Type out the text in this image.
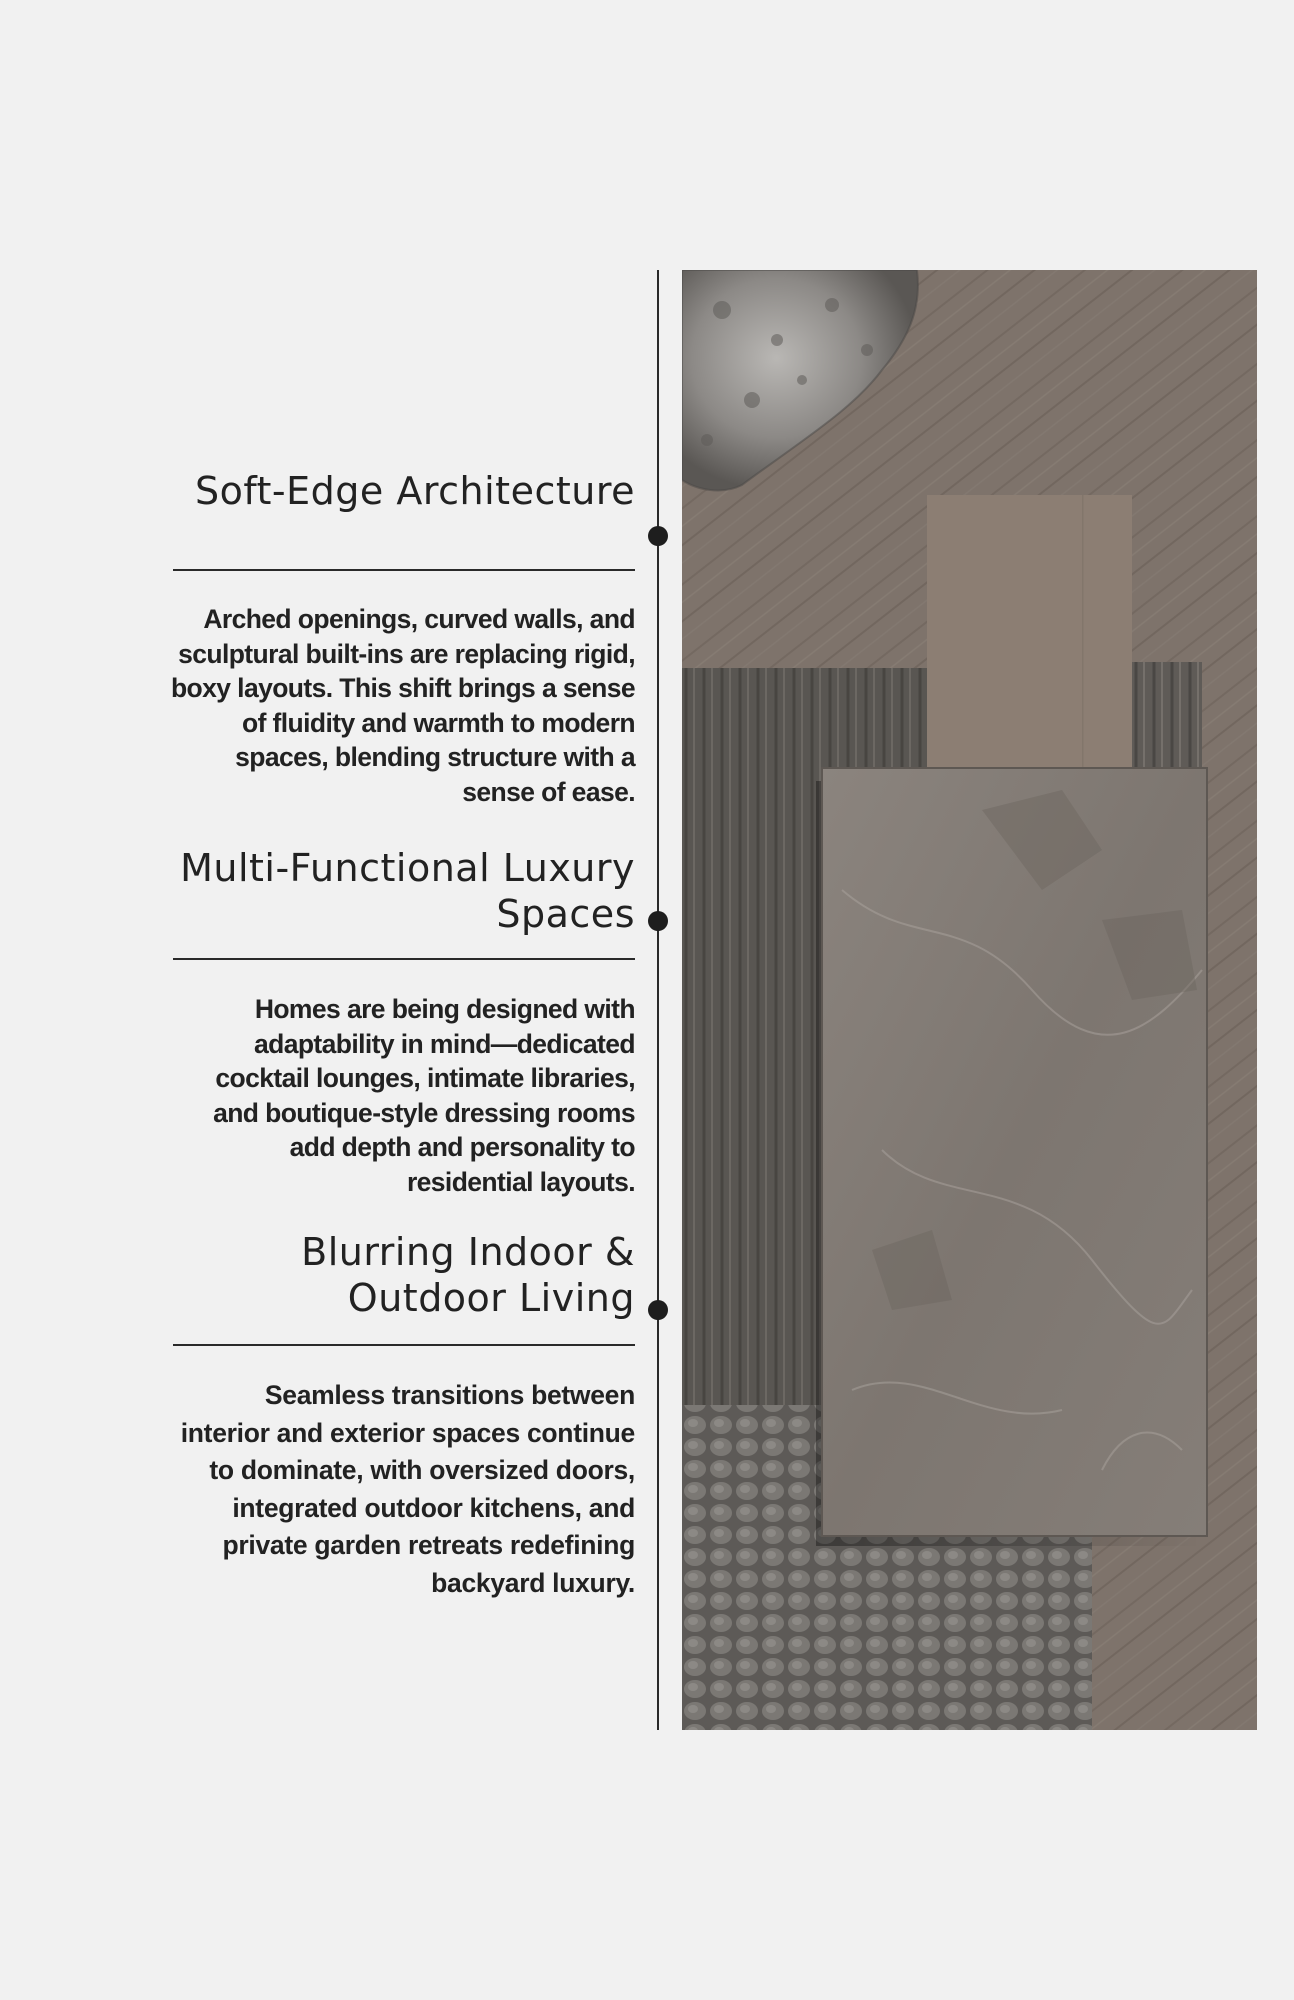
Soft-Edge Architecture
Arched openings, curved walls, and sculptural built-ins are replacing rigid, boxy layouts. This shift brings a sense of fluidity and warmth to modern spaces, blending structure with a sense of ease.
Multi-Functional Luxury
Spaces
Homes are being designed with adaptability in mind—dedicated cocktail lounges, intimate libraries, and boutique-style dressing rooms add depth and personality to residential layouts.
Blurring Indoor &
Outdoor Living
Seamless transitions between interior and exterior spaces continue to dominate, with oversized doors, integrated outdoor kitchens, and private garden retreats redefining backyard luxury.
